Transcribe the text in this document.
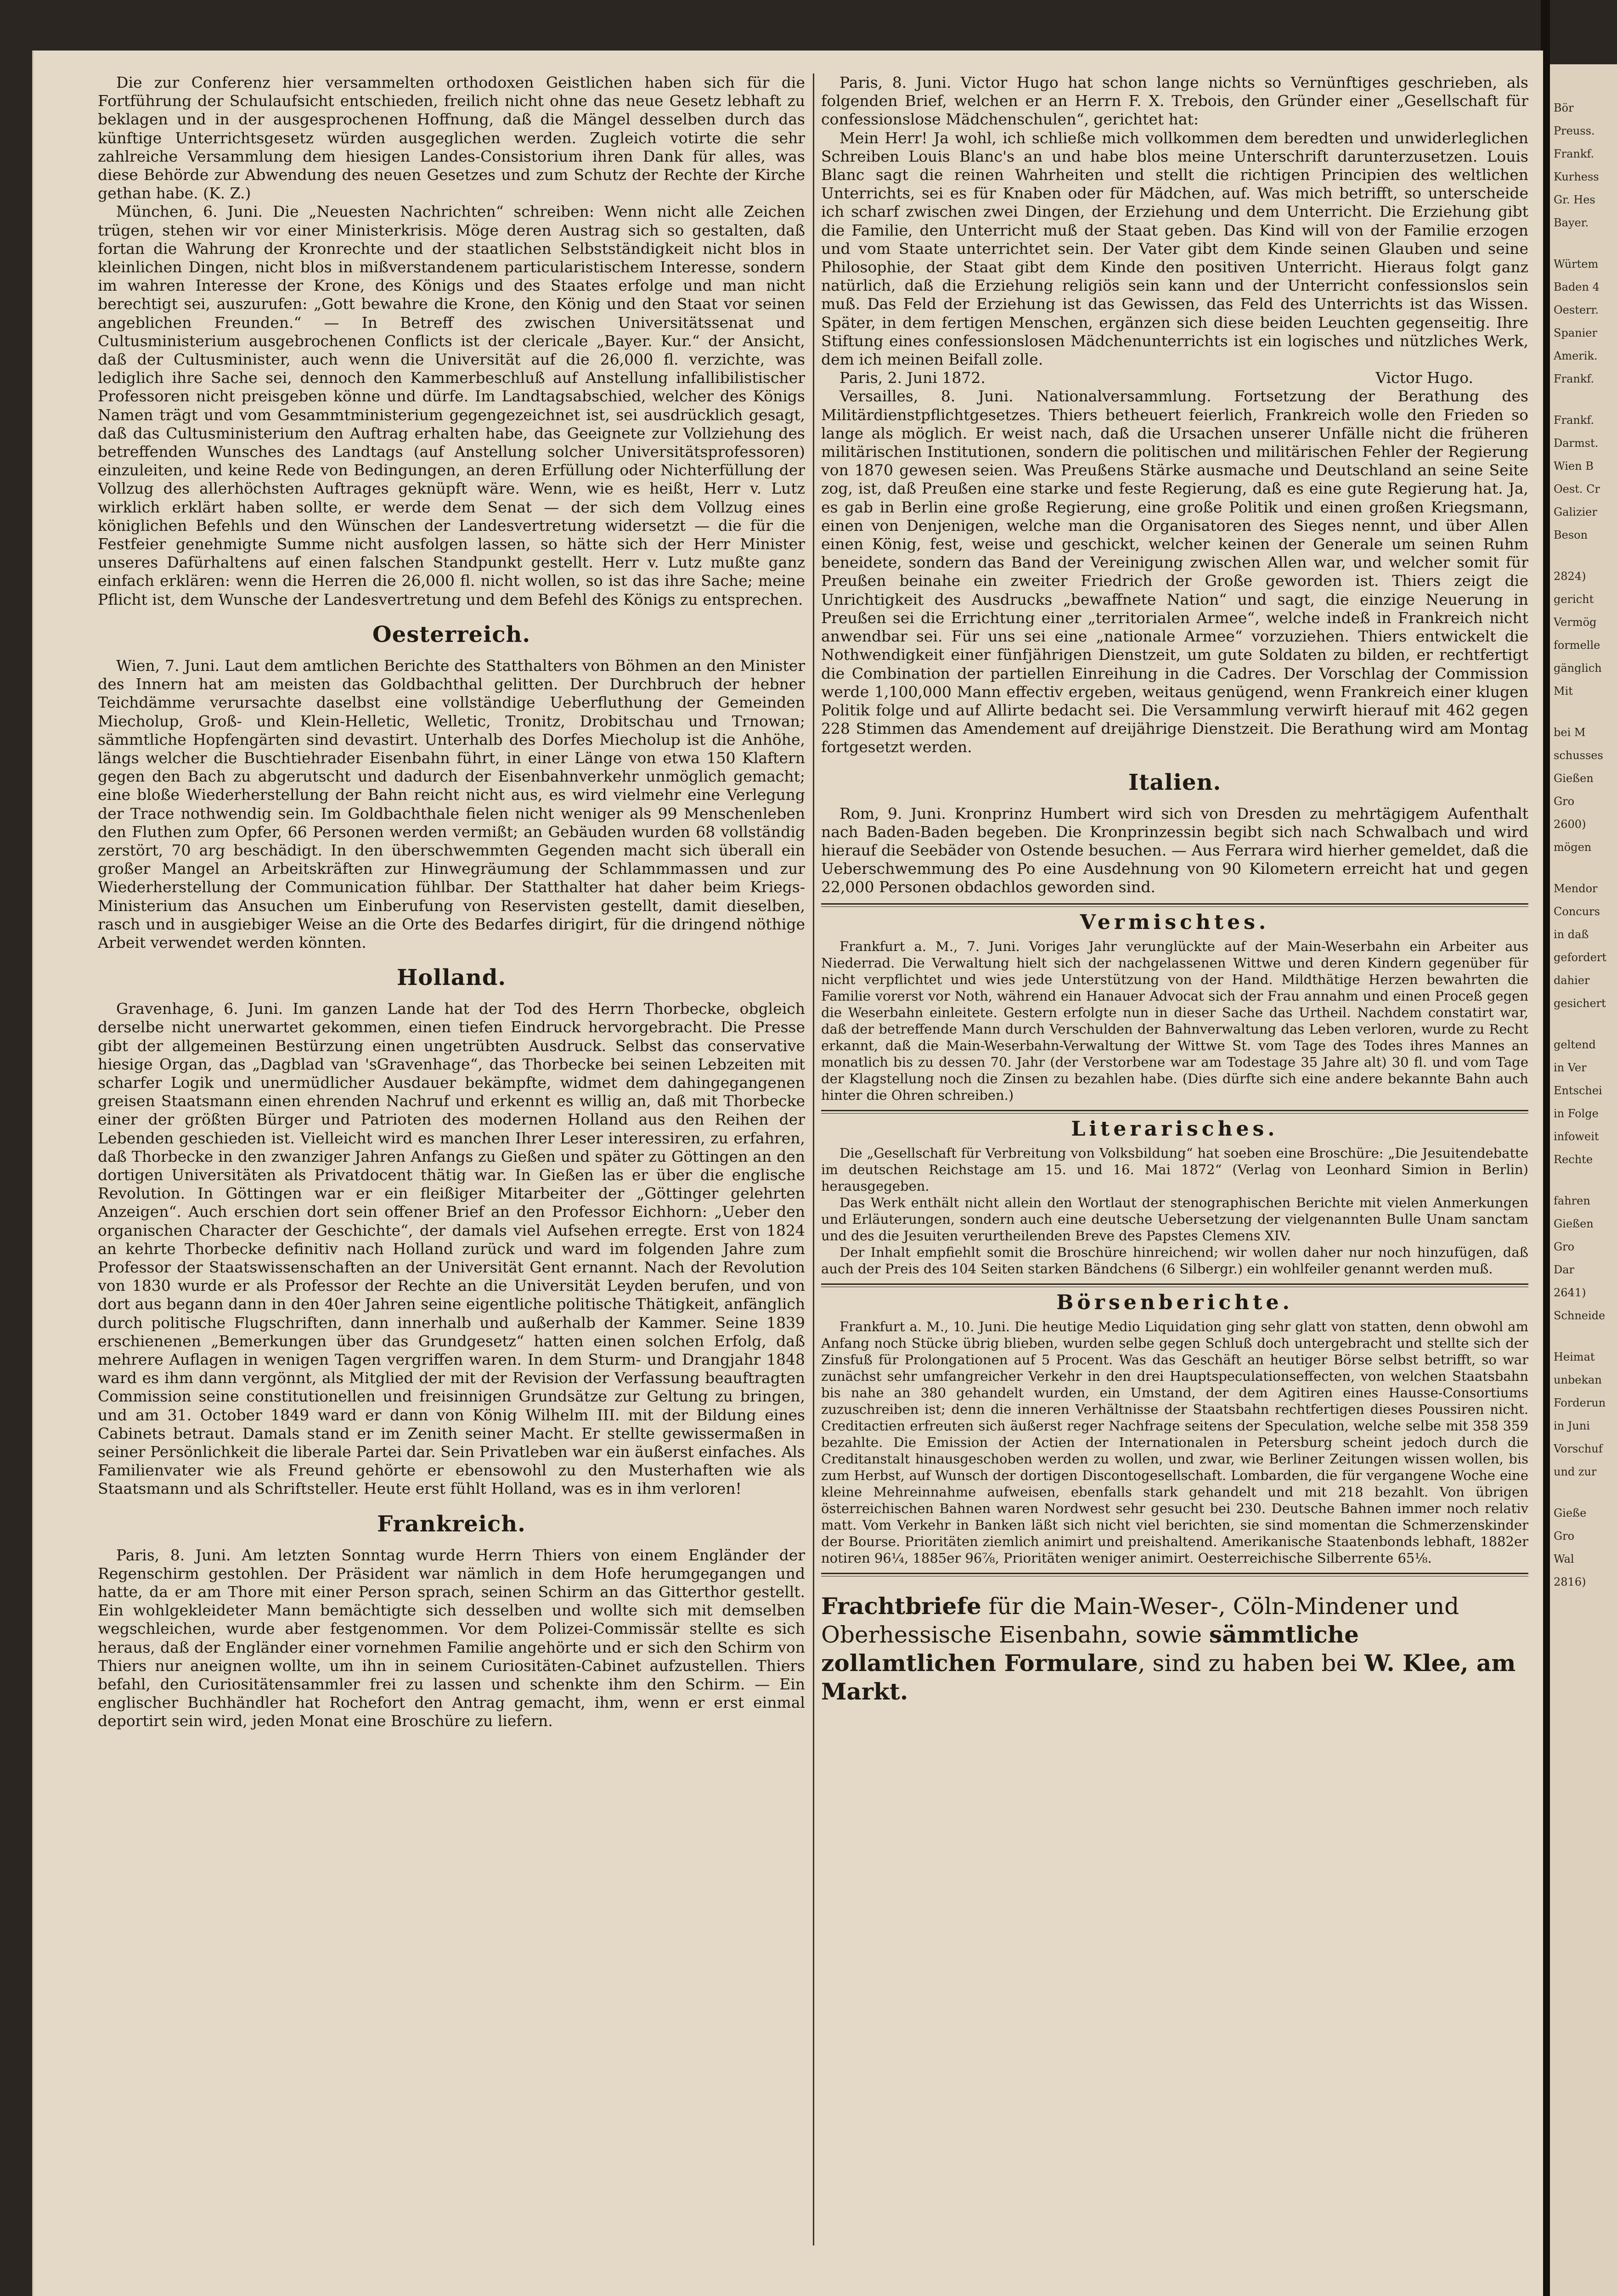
Die zur Conferenz hier versammelten orthodoxen Geistlichen haben sich für die Fortführung der Schulaufsicht entschieden, freilich nicht ohne das neue Gesetz lebhaft zu beklagen und in der ausgesprochenen Hoffnung, daß die Mängel desselben durch das künftige Unterrichtsgesetz würden ausgeglichen werden. Zugleich votirte die sehr zahlreiche Versammlung dem hiesigen Landes-Consistorium ihren Dank für alles, was diese Behörde zur Abwendung des neuen Gesetzes und zum Schutz der Rechte der Kirche gethan habe. (K. Z.)

München, 6. Juni. Die „Neuesten Nachrichten“ schreiben: Wenn nicht alle Zeichen trügen, stehen wir vor einer Ministerkrisis. Möge deren Austrag sich so gestalten, daß fortan die Wahrung der Kronrechte und der staatlichen Selbstständigkeit nicht blos in kleinlichen Dingen, nicht blos in mißverstandenem particularistischem Interesse, sondern im wahren Interesse der Krone, des Königs und des Staates erfolge und man nicht berechtigt sei, auszurufen: „Gott bewahre die Krone, den König und den Staat vor seinen angeblichen Freunden.“ — In Betreff des zwischen Universitätssenat und Cultusministerium ausgebrochenen Conflicts ist der clericale „Bayer. Kur.“ der Ansicht, daß der Cultusminister, auch wenn die Universität auf die 26,000 fl. verzichte, was lediglich ihre Sache sei, dennoch den Kammerbeschluß auf Anstellung infallibilistischer Professoren nicht preisgeben könne und dürfe. Im Landtagsabschied, welcher des Königs Namen trägt und vom Gesammtministerium gegengezeichnet ist, sei ausdrücklich gesagt, daß das Cultusministerium den Auftrag erhalten habe, das Geeignete zur Vollziehung des betreffenden Wunsches des Landtags (auf Anstellung solcher Universitätsprofessoren) einzuleiten, und keine Rede von Bedingungen, an deren Erfüllung oder Nichterfüllung der Vollzug des allerhöchsten Auftrages geknüpft wäre. Wenn, wie es heißt, Herr v. Lutz wirklich erklärt haben sollte, er werde dem Senat — der sich dem Vollzug eines königlichen Befehls und den Wünschen der Landesvertretung widersetzt — die für die Festfeier genehmigte Summe nicht ausfolgen lassen, so hätte sich der Herr Minister unseres Dafürhaltens auf einen falschen Standpunkt gestellt. Herr v. Lutz mußte ganz einfach erklären: wenn die Herren die 26,000 fl. nicht wollen, so ist das ihre Sache; meine Pflicht ist, dem Wunsche der Landesvertretung und dem Befehl des Königs zu entsprechen.

Oesterreich.

Wien, 7. Juni. Laut dem amtlichen Berichte des Statthalters von Böhmen an den Minister des Innern hat am meisten das Goldbachthal gelitten. Der Durchbruch der hebner Teichdämme verursachte daselbst eine vollständige Ueberfluthung der Gemeinden Miecholup, Groß- und Klein-Helletic, Welletic, Tronitz, Drobitschau und Trnowan; sämmtliche Hopfengärten sind devastirt. Unterhalb des Dorfes Miecholup ist die Anhöhe, längs welcher die Buschtiehrader Eisenbahn führt, in einer Länge von etwa 150 Klaftern gegen den Bach zu abgerutscht und dadurch der Eisenbahnverkehr unmöglich gemacht; eine bloße Wiederherstellung der Bahn reicht nicht aus, es wird vielmehr eine Verlegung der Trace nothwendig sein. Im Goldbachthale fielen nicht weniger als 99 Menschenleben den Fluthen zum Opfer, 66 Personen werden vermißt; an Gebäuden wurden 68 vollständig zerstört, 70 arg beschädigt. In den überschwemmten Gegenden macht sich überall ein großer Mangel an Arbeitskräften zur Hinwegräumung der Schlammmassen und zur Wiederherstellung der Communication fühlbar. Der Statthalter hat daher beim Kriegs-Ministerium das Ansuchen um Einberufung von Reservisten gestellt, damit dieselben, rasch und in ausgiebiger Weise an die Orte des Bedarfes dirigirt, für die dringend nöthige Arbeit verwendet werden könnten.

Holland.

Gravenhage, 6. Juni. Im ganzen Lande hat der Tod des Herrn Thorbecke, obgleich derselbe nicht unerwartet gekommen, einen tiefen Eindruck hervorgebracht. Die Presse gibt der allgemeinen Bestürzung einen ungetrübten Ausdruck. Selbst das conservative hiesige Organ, das „Dagblad van 'sGravenhage“, das Thorbecke bei seinen Lebzeiten mit scharfer Logik und unermüdlicher Ausdauer bekämpfte, widmet dem dahingegangenen greisen Staatsmann einen ehrenden Nachruf und erkennt es willig an, daß mit Thorbecke einer der größten Bürger und Patrioten des modernen Holland aus den Reihen der Lebenden geschieden ist. Vielleicht wird es manchen Ihrer Leser interessiren, zu erfahren, daß Thorbecke in den zwanziger Jahren Anfangs zu Gießen und später zu Göttingen an den dortigen Universitäten als Privatdocent thätig war. In Gießen las er über die englische Revolution. In Göttingen war er ein fleißiger Mitarbeiter der „Göttinger gelehrten Anzeigen“. Auch erschien dort sein offener Brief an den Professor Eichhorn: „Ueber den organischen Character der Geschichte“, der damals viel Aufsehen erregte. Erst von 1824 an kehrte Thorbecke definitiv nach Holland zurück und ward im folgenden Jahre zum Professor der Staatswissenschaften an der Universität Gent ernannt. Nach der Revolution von 1830 wurde er als Professor der Rechte an die Universität Leyden berufen, und von dort aus begann dann in den 40er Jahren seine eigentliche politische Thätigkeit, anfänglich durch politische Flugschriften, dann innerhalb und außerhalb der Kammer. Seine 1839 erschienenen „Bemerkungen über das Grundgesetz“ hatten einen solchen Erfolg, daß mehrere Auflagen in wenigen Tagen vergriffen waren. In dem Sturm- und Drangjahr 1848 ward es ihm dann vergönnt, als Mitglied der mit der Revision der Verfassung beauftragten Commission seine constitutionellen und freisinnigen Grundsätze zur Geltung zu bringen, und am 31. October 1849 ward er dann von König Wilhelm III. mit der Bildung eines Cabinets betraut. Damals stand er im Zenith seiner Macht. Er stellte gewissermaßen in seiner Persönlichkeit die liberale Partei dar. Sein Privatleben war ein äußerst einfaches. Als Familienvater wie als Freund gehörte er ebensowohl zu den Musterhaften wie als Staatsmann und als Schriftsteller. Heute erst fühlt Holland, was es in ihm verloren!

Frankreich.

Paris, 8. Juni. Am letzten Sonntag wurde Herrn Thiers von einem Engländer der Regenschirm gestohlen. Der Präsident war nämlich in dem Hofe herumgegangen und hatte, da er am Thore mit einer Person sprach, seinen Schirm an das Gitterthor gestellt. Ein wohlgekleideter Mann bemächtigte sich desselben und wollte sich mit demselben wegschleichen, wurde aber festgenommen. Vor dem Polizei-Commissär stellte es sich heraus, daß der Engländer einer vornehmen Familie angehörte und er sich den Schirm von Thiers nur aneignen wollte, um ihn in seinem Curiositäten-Cabinet aufzustellen. Thiers befahl, den Curiositätensammler frei zu lassen und schenkte ihm den Schirm. — Ein englischer Buchhändler hat Rochefort den Antrag gemacht, ihm, wenn er erst einmal deportirt sein wird, jeden Monat eine Broschüre zu liefern.

Paris, 8. Juni. Victor Hugo hat schon lange nichts so Vernünftiges geschrieben, als folgenden Brief, welchen er an Herrn F. X. Trebois, den Gründer einer „Gesellschaft für confessionslose Mädchenschulen“, gerichtet hat:

Mein Herr! Ja wohl, ich schließe mich vollkommen dem beredten und unwiderleglichen Schreiben Louis Blanc's an und habe blos meine Unterschrift darunterzusetzen. Louis Blanc sagt die reinen Wahrheiten und stellt die richtigen Principien des weltlichen Unterrichts, sei es für Knaben oder für Mädchen, auf. Was mich betrifft, so unterscheide ich scharf zwischen zwei Dingen, der Erziehung und dem Unterricht. Die Erziehung gibt die Familie, den Unterricht muß der Staat geben. Das Kind will von der Familie erzogen und vom Staate unterrichtet sein. Der Vater gibt dem Kinde seinen Glauben und seine Philosophie, der Staat gibt dem Kinde den positiven Unterricht. Hieraus folgt ganz natürlich, daß die Erziehung religiös sein kann und der Unterricht confessionslos sein muß. Das Feld der Erziehung ist das Gewissen, das Feld des Unterrichts ist das Wissen. Später, in dem fertigen Menschen, ergänzen sich diese beiden Leuchten gegenseitig. Ihre Stiftung eines confessionslosen Mädchenunterrichts ist ein logisches und nützliches Werk, dem ich meinen Beifall zolle.

Paris, 2. Juni 1872.	Victor Hugo.

Versailles, 8. Juni. Nationalversammlung. Fortsetzung der Berathung des Militärdienstpflichtgesetzes. Thiers betheuert feierlich, Frankreich wolle den Frieden so lange als möglich. Er weist nach, daß die Ursachen unserer Unfälle nicht die früheren militärischen Institutionen, sondern die politischen und militärischen Fehler der Regierung von 1870 gewesen seien. Was Preußens Stärke ausmache und Deutschland an seine Seite zog, ist, daß Preußen eine starke und feste Regierung, daß es eine gute Regierung hat. Ja, es gab in Berlin eine große Regierung, eine große Politik und einen großen Kriegsmann, einen von Denjenigen, welche man die Organisatoren des Sieges nennt, und über Allen einen König, fest, weise und geschickt, welcher keinen der Generale um seinen Ruhm beneidete, sondern das Band der Vereinigung zwischen Allen war, und welcher somit für Preußen beinahe ein zweiter Friedrich der Große geworden ist. Thiers zeigt die Unrichtigkeit des Ausdrucks „bewaffnete Nation“ und sagt, die einzige Neuerung in Preußen sei die Errichtung einer „territorialen Armee“, welche indeß in Frankreich nicht anwendbar sei. Für uns sei eine „nationale Armee“ vorzuziehen. Thiers entwickelt die Nothwendigkeit einer fünfjährigen Dienstzeit, um gute Soldaten zu bilden, er rechtfertigt die Combination der partiellen Einreihung in die Cadres. Der Vorschlag der Commission werde 1,100,000 Mann effectiv ergeben, weitaus genügend, wenn Frankreich einer klugen Politik folge und auf Allirte bedacht sei. Die Versammlung verwirft hierauf mit 462 gegen 228 Stimmen das Amendement auf dreijährige Dienstzeit. Die Berathung wird am Montag fortgesetzt werden.

Italien.

Rom, 9. Juni. Kronprinz Humbert wird sich von Dresden zu mehrtägigem Aufenthalt nach Baden-Baden begeben. Die Kronprinzessin begibt sich nach Schwalbach und wird hierauf die Seebäder von Ostende besuchen. — Aus Ferrara wird hierher gemeldet, daß die Ueberschwemmung des Po eine Ausdehnung von 90 Kilometern erreicht hat und gegen 22,000 Personen obdachlos geworden sind.

Vermischtes.

Frankfurt a. M., 7. Juni. Voriges Jahr verunglückte auf der Main-Weserbahn ein Arbeiter aus Niederrad. Die Verwaltung hielt sich der nachgelassenen Wittwe und deren Kindern gegenüber für nicht verpflichtet und wies jede Unterstützung von der Hand. Mildthätige Herzen bewahrten die Familie vorerst vor Noth, während ein Hanauer Advocat sich der Frau annahm und einen Proceß gegen die Weserbahn einleitete. Gestern erfolgte nun in dieser Sache das Urtheil. Nachdem constatirt war, daß der betreffende Mann durch Verschulden der Bahnverwaltung das Leben verloren, wurde zu Recht erkannt, daß die Main-Weserbahn-Verwaltung der Wittwe St. vom Tage des Todes ihres Mannes an monatlich bis zu dessen 70. Jahr (der Verstorbene war am Todestage 35 Jahre alt) 30 fl. und vom Tage der Klagstellung noch die Zinsen zu bezahlen habe. (Dies dürfte sich eine andere bekannte Bahn auch hinter die Ohren schreiben.)

Literarisches.

Die „Gesellschaft für Verbreitung von Volksbildung“ hat soeben eine Broschüre: „Die Jesuitendebatte im deutschen Reichstage am 15. und 16. Mai 1872“ (Verlag von Leonhard Simion in Berlin) herausgegeben.

Das Werk enthält nicht allein den Wortlaut der stenographischen Berichte mit vielen Anmerkungen und Erläuterungen, sondern auch eine deutsche Uebersetzung der vielgenannten Bulle Unam sanctam und des die Jesuiten verurtheilenden Breve des Papstes Clemens XIV.

Der Inhalt empfiehlt somit die Broschüre hinreichend; wir wollen daher nur noch hinzufügen, daß auch der Preis des 104 Seiten starken Bändchens (6 Silbergr.) ein wohlfeiler genannt werden muß.

Börsenberichte.

Frankfurt a. M., 10. Juni. Die heutige Medio Liquidation ging sehr glatt von statten, denn obwohl am Anfang noch Stücke übrig blieben, wurden selbe gegen Schluß doch untergebracht und stellte sich der Zinsfuß für Prolongationen auf 5 Procent. Was das Geschäft an heutiger Börse selbst betrifft, so war zunächst sehr umfangreicher Verkehr in den drei Hauptspeculationseffecten, von welchen Staatsbahn bis nahe an 380 gehandelt wurden, ein Umstand, der dem Agitiren eines Hausse-Consortiums zuzuschreiben ist; denn die inneren Verhältnisse der Staatsbahn rechtfertigen dieses Poussiren nicht. Creditactien erfreuten sich äußerst reger Nachfrage seitens der Speculation, welche selbe mit 358 359 bezahlte. Die Emission der Actien der Internationalen in Petersburg scheint jedoch durch die Creditanstalt hinausgeschoben werden zu wollen, und zwar, wie Berliner Zeitungen wissen wollen, bis zum Herbst, auf Wunsch der dortigen Discontogesellschaft. Lombarden, die für vergangene Woche eine kleine Mehreinnahme aufweisen, ebenfalls stark gehandelt und mit 218 bezahlt. Von übrigen österreichischen Bahnen waren Nordwest sehr gesucht bei 230. Deutsche Bahnen immer noch relativ matt. Vom Verkehr in Banken läßt sich nicht viel berichten, sie sind momentan die Schmerzenskinder der Bourse. Prioritäten ziemlich animirt und preishaltend. Amerikanische Staatenbonds lebhaft, 1882er notiren 96¼, 1885er 96⅞, Prioritäten weniger animirt. Oesterreichische Silberrente 65⅛.

Frachtbriefe für die Main-Weser-, Cöln-Mindener und Oberhessische Eisenbahn, sowie sämmtliche zollamtlichen Formulare, sind zu haben bei W. Klee, am Markt.
Bör
Preuss.
Frankf.
Kurhess
Gr. Hes
Bayer.
Würtem
Baden 4
Oesterr.
Spanier
Amerik.
Frankf.
Frankf.
Darmst.
Wien B
Oest. Cr
Galizier
Beson
2824)
gericht
Vermög
formelle
gänglich
Mit
bei M
schusses
Gießen
Gro
2600)
mögen
Mendor
Concurs
in daß
gefordert
dahier
gesichert
geltend
in Ver
Entschei
in Folge
infoweit
Rechte
fahren
Gießen
Gro
Dar
2641)
Schneide
Heimat
unbekan
Forderun
in Juni
Vorschuf
und zur
Gieße
Gro
Wal
2816)
